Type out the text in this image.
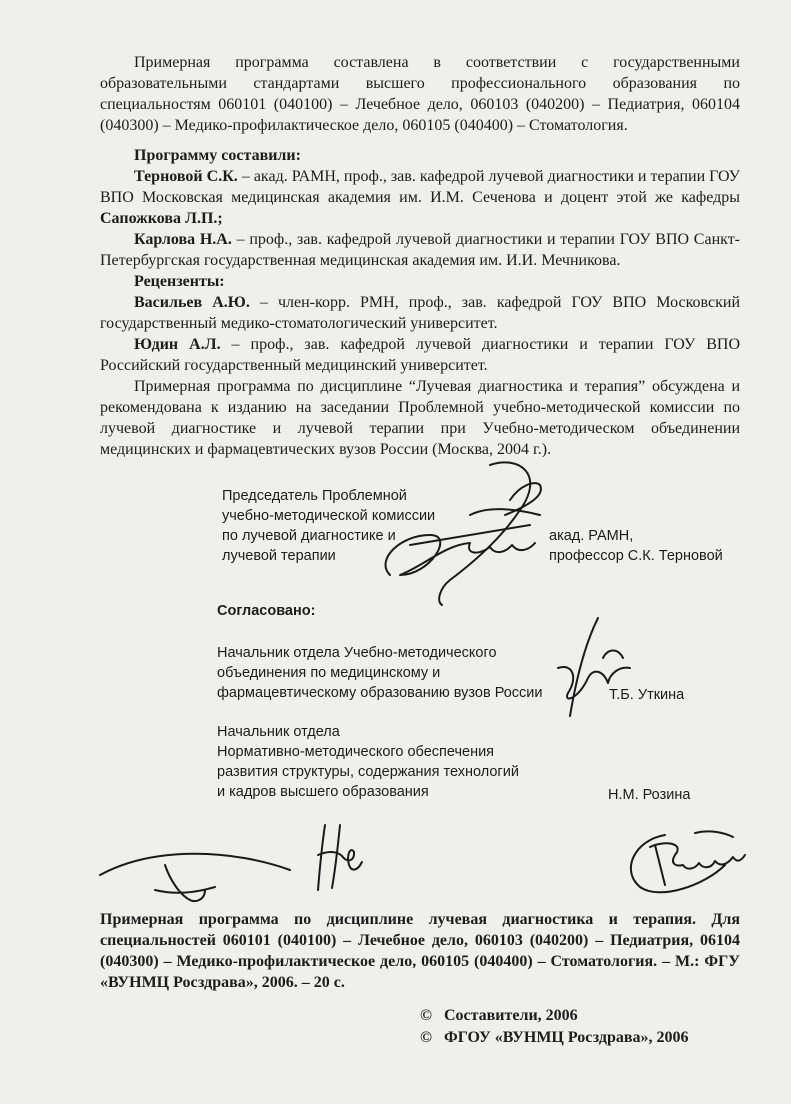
Примерная программа составлена в соответствии с государственными образовательными стандартами высшего профессионального образования по специальностям 060101 (040100) – Лечебное дело, 060103 (040200) – Педиатрия, 060104 (040300) – Медико-профилактическое дело, 060105 (040400) – Стоматология.
Программу составили:
Терновой С.К. – акад. РАМН, проф., зав. кафедрой лучевой диагностики и терапии ГОУ ВПО Московская медицинская академия им. И.М. Сеченова и доцент этой же кафедры Сапожкова Л.П.;
Карлова Н.А. – проф., зав. кафедрой лучевой диагностики и терапии ГОУ ВПО Санкт-Петербургская государственная медицинская академия им. И.И. Мечникова.
Рецензенты:
Васильев А.Ю. – член-корр. РМН, проф., зав. кафедрой ГОУ ВПО Московский государственный медико-стоматологический университет.
Юдин А.Л. – проф., зав. кафедрой лучевой диагностики и терапии ГОУ ВПО Российский государственный медицинский университет.
Примерная программа по дисциплине “Лучевая диагностика и терапия” обсуждена и рекомендована к изданию на заседании Проблемной учебно-методической комиссии по лучевой диагностике и лучевой терапии при Учебно-методическом объединении медицинских и фармацевтических вузов России (Москва, 2004 г.).
Председатель Проблемной
учебно-методической комиссии
по лучевой диагностике и
лучевой терапии
акад. РАМН,
профессор С.К. Терновой
Согласовано:
Начальник отдела Учебно-методического
объединения по медицинскому и
фармацевтическому образованию вузов России	Т.Б. Уткина
Начальник отдела
Нормативно-методического обеспечения
развития структуры, содержания технологий
и кадров высшего образования	Н.М. Розина
Примерная программа по дисциплине лучевая диагностика и терапия. Для специальностей 060101 (040100) – Лечебное дело, 060103 (040200) – Педиатрия, 06104 (040300) – Медико-профилактическое дело, 060105 (040400) – Стоматология. – М.: ФГУ «ВУНМЦ Росздрава», 2006. – 20 с.
© Составители, 2006
© ФГОУ «ВУНМЦ Росздрава», 2006
